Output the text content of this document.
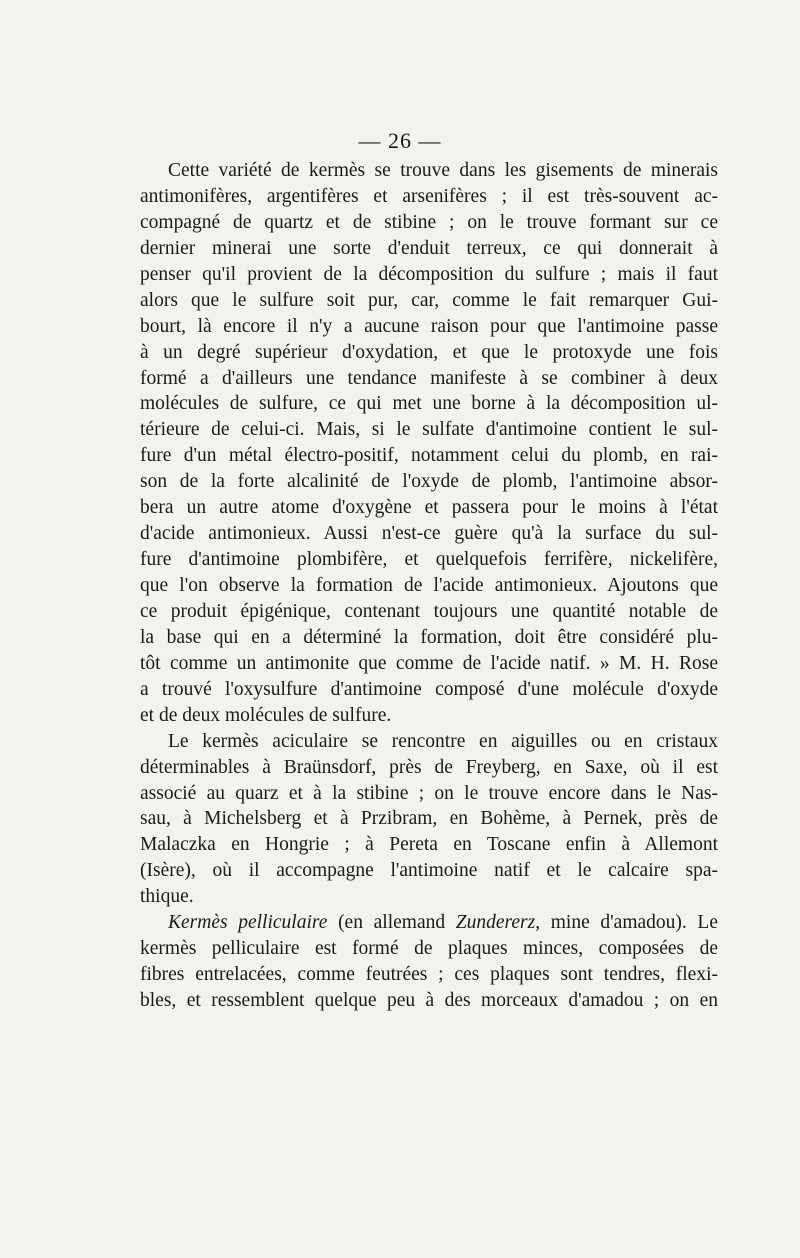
— 26 —
Cette variété de kermès se trouve dans les gisements de minerais
antimonifères, argentifères et arsenifères ; il est très-souvent ac-
compagné de quartz et de stibine ; on le trouve formant sur ce
dernier minerai une sorte d'enduit terreux, ce qui donnerait à
penser qu'il provient de la décomposition du sulfure ; mais il faut
alors que le sulfure soit pur, car, comme le fait remarquer Gui-
bourt, là encore il n'y a aucune raison pour que l'antimoine passe
à un degré supérieur d'oxydation, et que le protoxyde une fois
formé a d'ailleurs une tendance manifeste à se combiner à deux
molécules de sulfure, ce qui met une borne à la décomposition ul-
térieure de celui-ci. Mais, si le sulfate d'antimoine contient le sul-
fure d'un métal électro-positif, notamment celui du plomb, en rai-
son de la forte alcalinité de l'oxyde de plomb, l'antimoine absor-
bera un autre atome d'oxygène et passera pour le moins à l'état
d'acide antimonieux. Aussi n'est-ce guère qu'à la surface du sul-
fure d'antimoine plombifère, et quelquefois ferrifère, nickelifère,
que l'on observe la formation de l'acide antimonieux. Ajoutons que
ce produit épigénique, contenant toujours une quantité notable de
la base qui en a déterminé la formation, doit être considéré plu-
tôt comme un antimonite que comme de l'acide natif. » M. H. Rose
a trouvé l'oxysulfure d'antimoine composé d'une molécule d'oxyde
et de deux molécules de sulfure.
Le kermès aciculaire se rencontre en aiguilles ou en cristaux
déterminables à Braünsdorf, près de Freyberg, en Saxe, où il est
associé au quarz et à la stibine ; on le trouve encore dans le Nas-
sau, à Michelsberg et à Przibram, en Bohème, à Pernek, près de
Malaczka en Hongrie ; à Pereta en Toscane enfin à Allemont
(Isère), où il accompagne l'antimoine natif et le calcaire spa-
thique.
Kermès pelliculaire (en allemand Zundererz, mine d'amadou). Le
kermès pelliculaire est formé de plaques minces, composées de
fibres entrelacées, comme feutrées ; ces plaques sont tendres, flexi-
bles, et ressemblent quelque peu à des morceaux d'amadou ; on en
